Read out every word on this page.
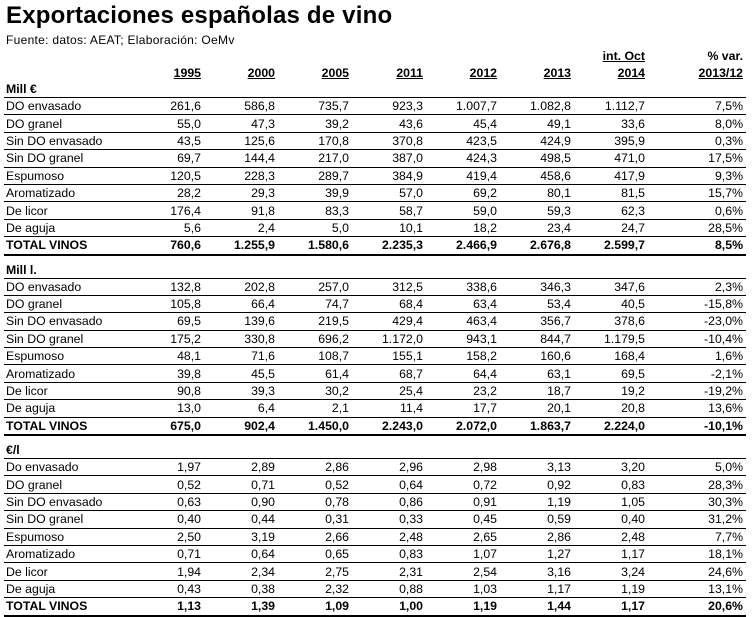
Exportaciones españolas de vino
Fuente: datos: AEAT; Elaboración: OeMv
							int. Oct	% var.
	1995	2000	2005	2011	2012	2013	2014	2013/12
Mill €								
DO envasado	261,6	586,8	735,7	923,3	1.007,7	1.082,8	1.112,7	7,5%
DO granel	55,0	47,3	39,2	43,6	45,4	49,1	33,6	8,0%
Sin DO envasado	43,5	125,6	170,8	370,8	423,5	424,9	395,9	0,3%
Sin DO granel	69,7	144,4	217,0	387,0	424,3	498,5	471,0	17,5%
Espumoso	120,5	228,3	289,7	384,9	419,4	458,6	417,9	9,3%
Aromatizado	28,2	29,3	39,9	57,0	69,2	80,1	81,5	15,7%
De licor	176,4	91,8	83,3	58,7	59,0	59,3	62,3	0,6%
De aguja	5,6	2,4	5,0	10,1	18,2	23,4	24,7	28,5%
TOTAL VINOS	760,6	1.255,9	1.580,6	2.235,3	2.466,9	2.676,8	2.599,7	8,5%

Mill l.								
DO envasado	132,8	202,8	257,0	312,5	338,6	346,3	347,6	2,3%
DO granel	105,8	66,4	74,7	68,4	63,4	53,4	40,5	-15,8%
Sin DO envasado	69,5	139,6	219,5	429,4	463,4	356,7	378,6	-23,0%
Sin DO granel	175,2	330,8	696,2	1.172,0	943,1	844,7	1.179,5	-10,4%
Espumoso	48,1	71,6	108,7	155,1	158,2	160,6	168,4	1,6%
Aromatizado	39,8	45,5	61,4	68,7	64,4	63,1	69,5	-2,1%
De licor	90,8	39,3	30,2	25,4	23,2	18,7	19,2	-19,2%
De aguja	13,0	6,4	2,1	11,4	17,7	20,1	20,8	13,6%
TOTAL VINOS	675,0	902,4	1.450,0	2.243,0	2.072,0	1.863,7	2.224,0	-10,1%

€/l								
Do envasado	1,97	2,89	2,86	2,96	2,98	3,13	3,20	5,0%
DO granel	0,52	0,71	0,52	0,64	0,72	0,92	0,83	28,3%
Sin DO envasado	0,63	0,90	0,78	0,86	0,91	1,19	1,05	30,3%
Sin DO granel	0,40	0,44	0,31	0,33	0,45	0,59	0,40	31,2%
Espumoso	2,50	3,19	2,66	2,48	2,65	2,86	2,48	7,7%
Aromatizado	0,71	0,64	0,65	0,83	1,07	1,27	1,17	18,1%
De licor	1,94	2,34	2,75	2,31	2,54	3,16	3,24	24,6%
De aguja	0,43	0,38	2,32	0,88	1,03	1,17	1,19	13,1%
TOTAL VINOS	1,13	1,39	1,09	1,00	1,19	1,44	1,17	20,6%
